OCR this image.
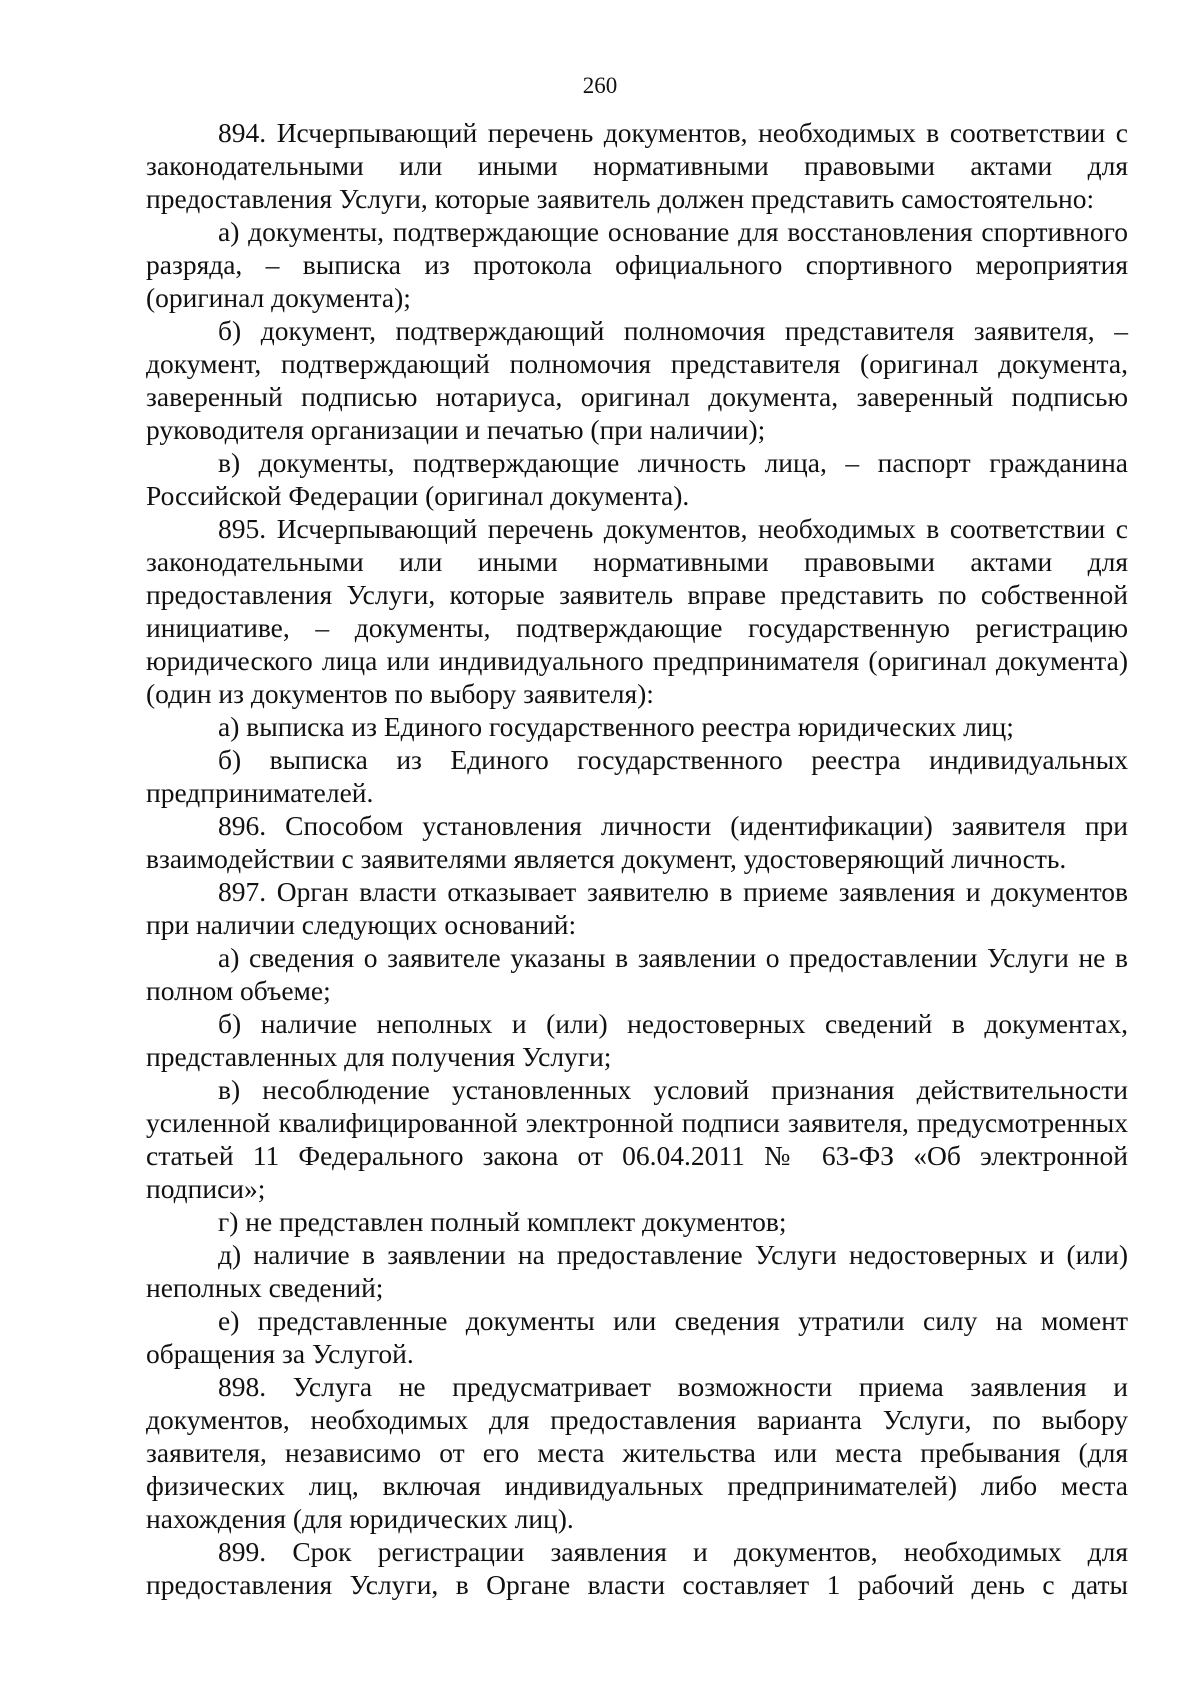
260

894. Исчерпывающий перечень документов, необходимых в соответствии с законодательными или иными нормативными правовыми актами для предоставления Услуги, которые заявитель должен представить самостоятельно:

а) документы, подтверждающие основание для восстановления спортивного разряда, – выписка из протокола официального спортивного мероприятия (оригинал документа);

б) документ, подтверждающий полномочия представителя заявителя, – документ, подтверждающий полномочия представителя (оригинал документа, заверенный подписью нотариуса, оригинал документа, заверенный подписью руководителя организации и печатью (при наличии);

в) документы, подтверждающие личность лица, – паспорт гражданина Российской Федерации (оригинал документа).

895. Исчерпывающий перечень документов, необходимых в соответствии с законодательными или иными нормативными правовыми актами для предоставления Услуги, которые заявитель вправе представить по собственной инициативе, – документы, подтверждающие государственную регистрацию юридического лица или индивидуального предпринимателя (оригинал документа) (один из документов по выбору заявителя):

а) выписка из Единого государственного реестра юридических лиц;

б) выписка из Единого государственного реестра индивидуальных предпринимателей.

896. Способом установления личности (идентификации) заявителя при взаимодействии с заявителями является документ, удостоверяющий личность.

897. Орган власти отказывает заявителю в приеме заявления и документов при наличии следующих оснований:

а) сведения о заявителе указаны в заявлении о предоставлении Услуги не в полном объеме;

б) наличие неполных и (или) недостоверных сведений в документах, представленных для получения Услуги;

в) несоблюдение установленных условий признания действительности усиленной квалифицированной электронной подписи заявителя, предусмотренных статьей 11 Федерального закона от 06.04.2011 № 63-ФЗ «Об электронной подписи»;

г) не представлен полный комплект документов;

д) наличие в заявлении на предоставление Услуги недостоверных и (или) неполных сведений;

е) представленные документы или сведения утратили силу на момент обращения за Услугой.

898. Услуга не предусматривает возможности приема заявления и документов, необходимых для предоставления варианта Услуги, по выбору заявителя, независимо от его места жительства или места пребывания (для физических лиц, включая индивидуальных предпринимателей) либо места нахождения (для юридических лиц).

899. Срок регистрации заявления и документов, необходимых для предоставления Услуги, в Органе власти составляет 1 рабочий день с даты
